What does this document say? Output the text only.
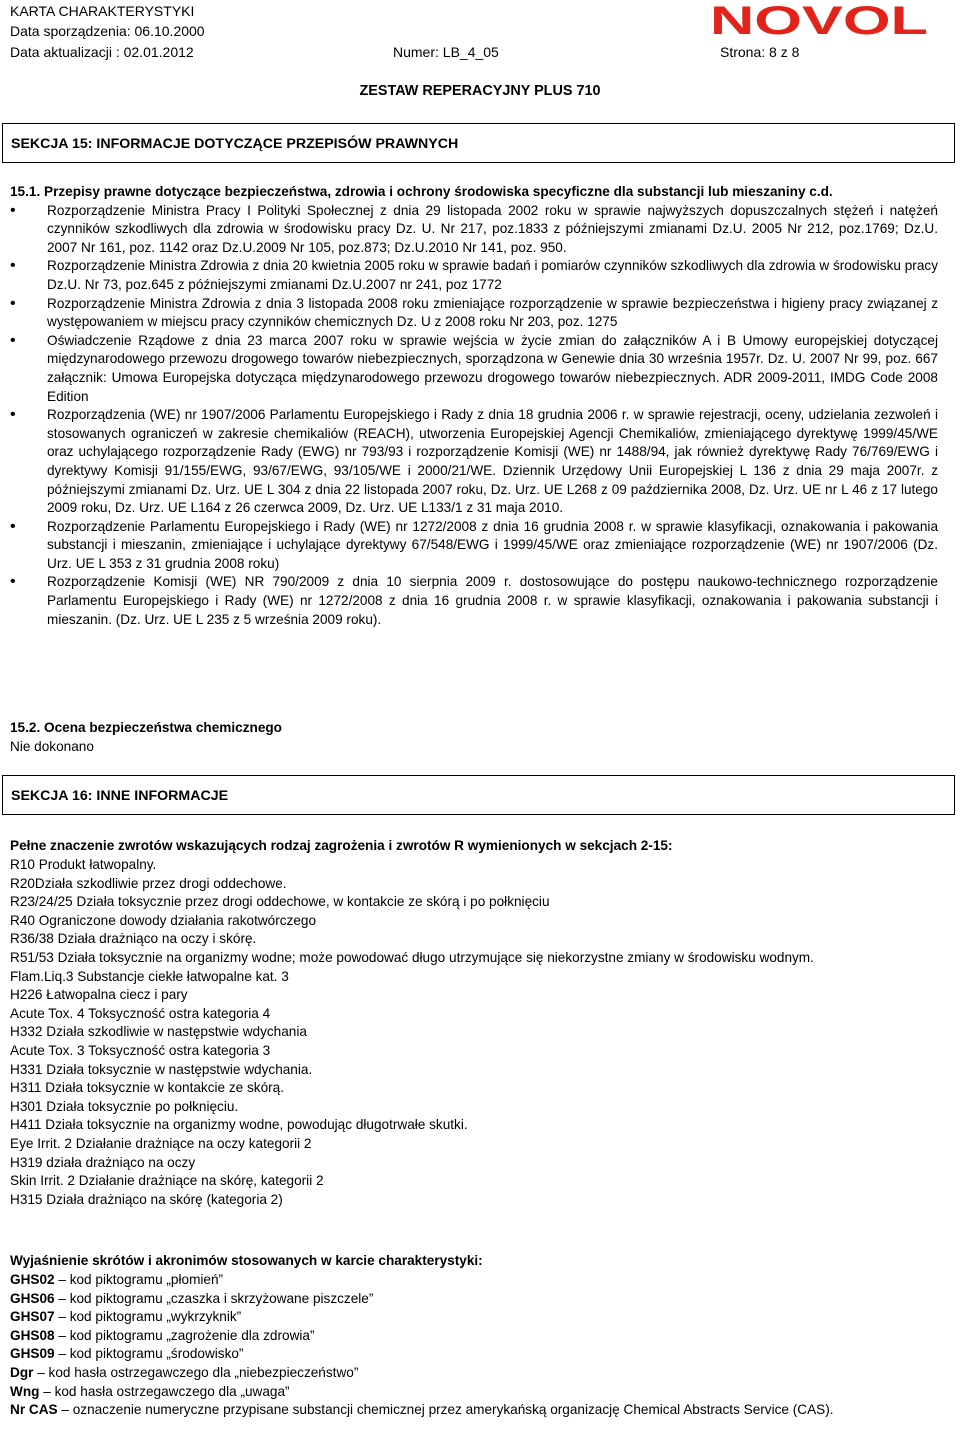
KARTA CHARAKTERYSTYKI
Data sporządzenia: 06.10.2000
Data aktualizacji : 02.01.2012	Numer: LB_4_05	Strona: 8 z 8
NOVOL
ZESTAW REPERACYJNY PLUS 710
SEKCJA 15: INFORMACJE DOTYCZĄCE PRZEPISÓW PRAWNYCH
15.1. Przepisy prawne dotyczące bezpieczeństwa, zdrowia i ochrony środowiska specyficzne dla substancji lub mieszaniny c.d.
• Rozporządzenie Ministra Pracy I Polityki Społecznej z dnia 29 listopada 2002 roku w sprawie najwyższych dopuszczalnych stężeń i natężeń czynników szkodliwych dla zdrowia w środowisku pracy Dz. U. Nr 217, poz.1833 z późniejszymi zmianami Dz.U. 2005 Nr 212, poz.1769; Dz.U. 2007 Nr 161, poz. 1142 oraz Dz.U.2009 Nr 105, poz.873; Dz.U.2010 Nr 141, poz. 950.
• Rozporządzenie Ministra Zdrowia z dnia 20 kwietnia 2005 roku w sprawie badań i pomiarów czynników szkodliwych dla zdrowia w środowisku pracy Dz.U. Nr 73, poz.645 z późniejszymi zmianami Dz.U.2007 nr 241, poz 1772
• Rozporządzenie Ministra Zdrowia z dnia 3 listopada 2008 roku zmieniające rozporządzenie w sprawie bezpieczeństwa i higieny pracy związanej z występowaniem w miejscu pracy czynników chemicznych Dz. U z 2008 roku Nr 203, poz. 1275
• Oświadczenie Rządowe z dnia 23 marca 2007 roku w sprawie wejścia w życie zmian do załączników A i B Umowy europejskiej dotyczącej międzynarodowego przewozu drogowego towarów niebezpiecznych, sporządzona w Genewie dnia 30 września 1957r. Dz. U. 2007 Nr 99, poz. 667 załącznik: Umowa Europejska dotycząca międzynarodowego przewozu drogowego towarów niebezpiecznych. ADR 2009-2011, IMDG Code 2008 Edition
• Rozporządzenia (WE) nr 1907/2006 Parlamentu Europejskiego i Rady z dnia 18 grudnia 2006 r. w sprawie rejestracji, oceny, udzielania zezwoleń i stosowanych ograniczeń w zakresie chemikaliów (REACH), utworzenia Europejskiej Agencji Chemikaliów, zmieniającego dyrektywę 1999/45/WE oraz uchylającego rozporządzenie Rady (EWG) nr 793/93 i rozporządzenie Komisji (WE) nr 1488/94, jak również dyrektywę Rady 76/769/EWG i dyrektywy Komisji 91/155/EWG, 93/67/EWG, 93/105/WE i 2000/21/WE. Dziennik Urzędowy Unii Europejskiej L 136 z dnia 29 maja 2007r. z późniejszymi zmianami Dz. Urz. UE L 304 z dnia 22 listopada 2007 roku, Dz. Urz. UE L268 z 09 października 2008, Dz. Urz. UE nr L 46 z 17 lutego 2009 roku, Dz. Urz. UE L164 z 26 czerwca 2009, Dz. Urz. UE L133/1 z 31 maja 2010.
• Rozporządzenie Parlamentu Europejskiego i Rady (WE) nr 1272/2008 z dnia 16 grudnia 2008 r. w sprawie klasyfikacji, oznakowania i pakowania substancji i mieszanin, zmieniające i uchylające dyrektywy 67/548/EWG i 1999/45/WE oraz zmieniające rozporządzenie (WE) nr 1907/2006 (Dz. Urz. UE L 353 z 31 grudnia 2008 roku)
• Rozporządzenie Komisji (WE) NR 790/2009 z dnia 10 sierpnia 2009 r. dostosowujące do postępu naukowo-technicznego rozporządzenie Parlamentu Europejskiego i Rady (WE) nr 1272/2008 z dnia 16 grudnia 2008 r. w sprawie klasyfikacji, oznakowania i pakowania substancji i mieszanin. (Dz. Urz. UE L 235 z 5 września 2009 roku).
15.2. Ocena bezpieczeństwa chemicznego
Nie dokonano
SEKCJA 16: INNE INFORMACJE
Pełne znaczenie zwrotów wskazujących rodzaj zagrożenia i zwrotów R wymienionych w sekcjach 2-15:
R10 Produkt łatwopalny.
R20Działa szkodliwie przez drogi oddechowe.
R23/24/25 Działa toksycznie przez drogi oddechowe, w kontakcie ze skórą i po połknięciu
R40 Ograniczone dowody działania rakotwórczego
R36/38 Działa drażniąco na oczy i skórę.
R51/53 Działa toksycznie na organizmy wodne; może powodować długo utrzymujące się niekorzystne zmiany w środowisku wodnym.
Flam.Liq.3 Substancje ciekłe łatwopalne kat. 3
H226 Łatwopalna ciecz i pary
Acute Tox. 4 Toksyczność ostra kategoria 4
H332 Działa szkodliwie w następstwie wdychania
Acute Tox. 3 Toksyczność ostra kategoria 3
H331 Działa toksycznie w następstwie wdychania.
H311 Działa toksycznie w kontakcie ze skórą.
H301 Działa toksycznie po połknięciu.
H411 Działa toksycznie na organizmy wodne, powodując długotrwałe skutki.
Eye Irrit. 2 Działanie drażniące na oczy kategorii 2
H319 działa drażniąco na oczy
Skin Irrit. 2 Działanie drażniące na skórę, kategorii 2
H315 Działa drażniąco na skórę (kategoria 2)
Wyjaśnienie skrótów i akronimów stosowanych w karcie charakterystyki:
GHS02 – kod piktogramu „płomień”
GHS06 – kod piktogramu „czaszka i skrzyżowane piszczele”
GHS07 – kod piktogramu „wykrzyknik”
GHS08 – kod piktogramu „zagrożenie dla zdrowia”
GHS09 – kod piktogramu „środowisko”
Dgr – kod hasła ostrzegawczego dla „niebezpieczeństwo”
Wng – kod hasła ostrzegawczego dla „uwaga”
Nr CAS – oznaczenie numeryczne przypisane substancji chemicznej przez amerykańską organizację Chemical Abstracts Service (CAS).
